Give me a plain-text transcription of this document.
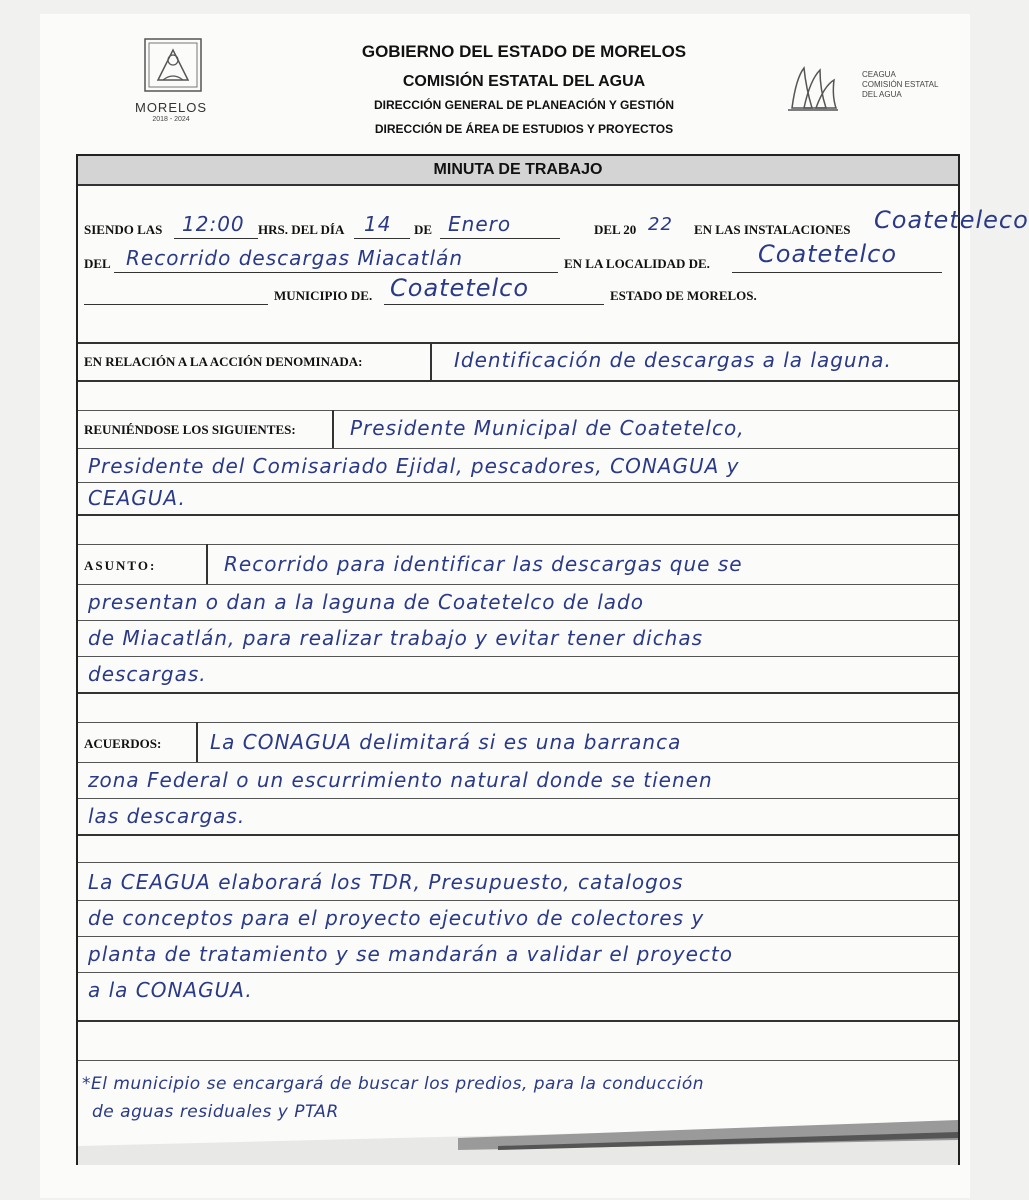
MORELOS
2018 - 2024
GOBIERNO DEL ESTADO DE MORELOS
COMISIÓN ESTATAL DEL AGUA
DIRECCIÓN GENERAL DE PLANEACIÓN Y GESTIÓN
DIRECCIÓN DE ÁREA DE ESTUDIOS Y PROYECTOS
CEAGUA
COMISIÓN ESTATAL
DEL AGUA
MINUTA DE TRABAJO
SIENDO LAS 12:00 HRS. DEL DÍA 14 DE Enero	DEL 20 22 EN LAS INSTALACIONES Coateteleco
DEL Recorrido descargas Miacatlán	EN LA LOCALIDAD DE. Coatetelco
MUNICIPIO DE. Coatetelco	ESTADO DE MORELOS.
EN RELACIÓN A LA ACCIÓN DENOMINADA:	Identificación de descargas a la laguna.
REUNIÉNDOSE LOS SIGUIENTES:	Presidente Municipal de Coatetelco,
Presidente del Comisariado Ejidal, pescadores, CONAGUA y
CEAGUA.
ASUNTO:	Recorrido para identificar las descargas que se
presentan o dan a la laguna de Coatetelco de lado
de Miacatlán, para realizar trabajo y evitar tener dichas
descargas.
ACUERDOS: La CONAGUA delimitará si es una barranca
zona Federal o un escurrimiento natural donde se tienen
las descargas.
La CEAGUA elaborará los TDR, Presupuesto, catalogos
de conceptos para el proyecto ejecutivo de colectores y
planta de tratamiento y se mandarán a validar el proyecto
a la CONAGUA.
*El municipio se encargará de buscar los predios, para la conducción
de aguas residuales y PTAR
